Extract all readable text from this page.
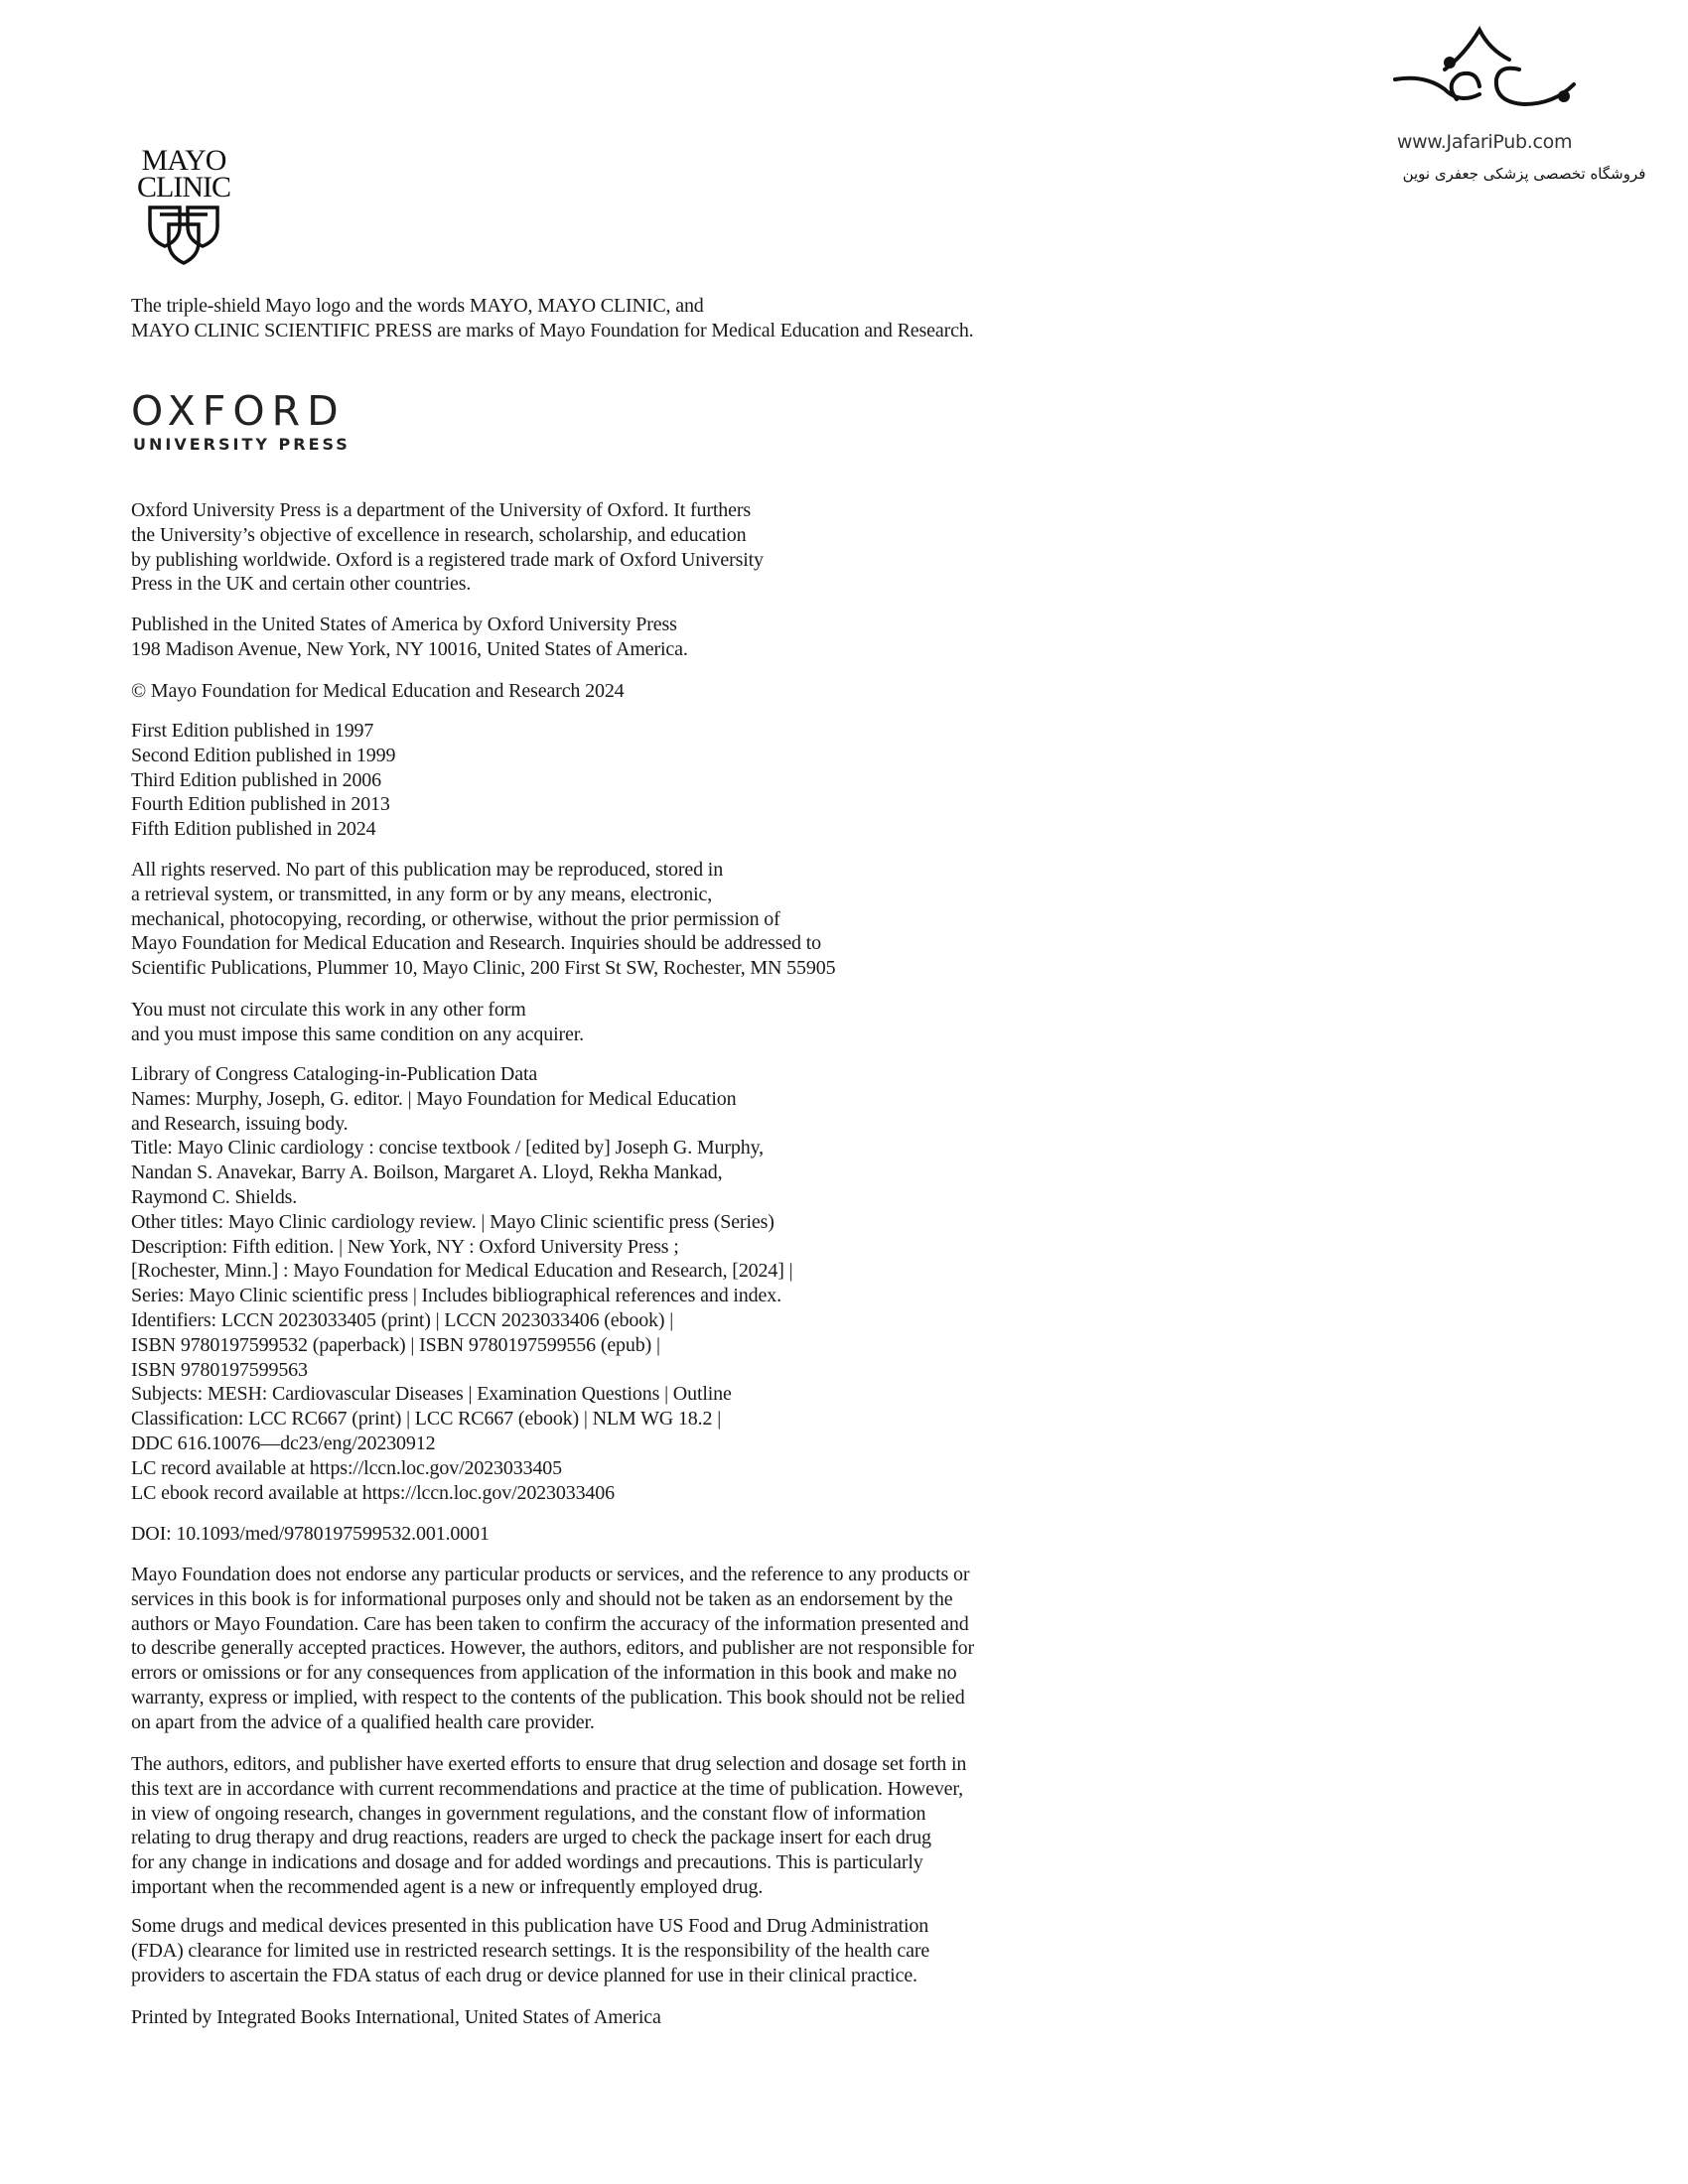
www.JafariPub.com
فروشگاه تخصصی پزشکی جعفری نوین
MAYO
CLINIC
OXFORD
UNIVERSITY PRESS
The triple-shield Mayo logo and the words MAYO, MAYO CLINIC, and
MAYO CLINIC SCIENTIFIC PRESS are marks of Mayo Foundation for Medical Education and Research.
Oxford University Press is a department of the University of Oxford. It furthers
the University’s objective of excellence in research, scholarship, and education
by publishing worldwide. Oxford is a registered trade mark of Oxford University
Press in the UK and certain other countries.
Published in the United States of America by Oxford University Press
198 Madison Avenue, New York, NY 10016, United States of America.
© Mayo Foundation for Medical Education and Research 2024
First Edition published in 1997
Second Edition published in 1999
Third Edition published in 2006
Fourth Edition published in 2013
Fifth Edition published in 2024
All rights reserved. No part of this publication may be reproduced, stored in
a retrieval system, or transmitted, in any form or by any means, electronic,
mechanical, photocopying, recording, or otherwise, without the prior permission of
Mayo Foundation for Medical Education and Research. Inquiries should be addressed to
Scientific Publications, Plummer 10, Mayo Clinic, 200 First St SW, Rochester, MN 55905
You must not circulate this work in any other form
and you must impose this same condition on any acquirer.
Library of Congress Cataloging-in-Publication Data
Names: Murphy, Joseph, G. editor. | Mayo Foundation for Medical Education
and Research, issuing body.
Title: Mayo Clinic cardiology : concise textbook / [edited by] Joseph G. Murphy,
Nandan S. Anavekar, Barry A. Boilson, Margaret A. Lloyd, Rekha Mankad,
Raymond C. Shields.
Other titles: Mayo Clinic cardiology review. | Mayo Clinic scientific press (Series)
Description: Fifth edition. | New York, NY : Oxford University Press ;
[Rochester, Minn.] : Mayo Foundation for Medical Education and Research, [2024] |
Series: Mayo Clinic scientific press | Includes bibliographical references and index.
Identifiers: LCCN 2023033405 (print) | LCCN 2023033406 (ebook) |
ISBN 9780197599532 (paperback) | ISBN 9780197599556 (epub) |
ISBN 9780197599563
Subjects: MESH: Cardiovascular Diseases | Examination Questions | Outline
Classification: LCC RC667 (print) | LCC RC667 (ebook) | NLM WG 18.2 |
DDC 616.10076—dc23/eng/20230912
LC record available at https://lccn.loc.gov/2023033405
LC ebook record available at https://lccn.loc.gov/2023033406
DOI: 10.1093/med/9780197599532.001.0001
Mayo Foundation does not endorse any particular products or services, and the reference to any products or
services in this book is for informational purposes only and should not be taken as an endorsement by the
authors or Mayo Foundation. Care has been taken to confirm the accuracy of the information presented and
to describe generally accepted practices. However, the authors, editors, and publisher are not responsible for
errors or omissions or for any consequences from application of the information in this book and make no
warranty, express or implied, with respect to the contents of the publication. This book should not be relied
on apart from the advice of a qualified health care provider.
The authors, editors, and publisher have exerted efforts to ensure that drug selection and dosage set forth in
this text are in accordance with current recommendations and practice at the time of publication. However,
in view of ongoing research, changes in government regulations, and the constant flow of information
relating to drug therapy and drug reactions, readers are urged to check the package insert for each drug
for any change in indications and dosage and for added wordings and precautions. This is particularly
important when the recommended agent is a new or infrequently employed drug.
Some drugs and medical devices presented in this publication have US Food and Drug Administration
(FDA) clearance for limited use in restricted research settings. It is the responsibility of the health care
providers to ascertain the FDA status of each drug or device planned for use in their clinical practice.
Printed by Integrated Books International, United States of America
